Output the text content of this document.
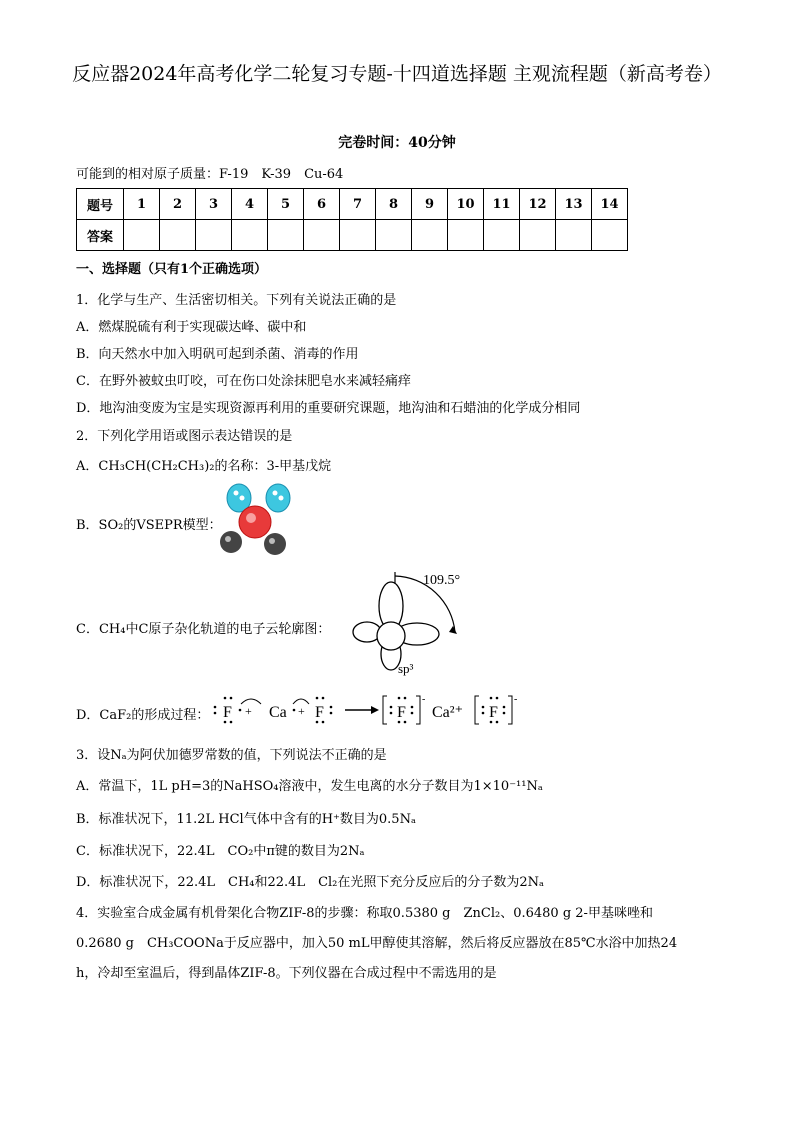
反应器2024年高考化学二轮复习专题-十四道选择题 主观流程题（新高考卷）
完卷时间：40分钟
可能到的相对原子质量：F-19　K-39　Cu-64
题号	1	2	3	4	5	6	7	8	9	10	11	12	13	14
答案														
一、选择题（只有1个正确选项）
1．化学与生产、生活密切相关。下列有关说法正确的是
A．燃煤脱硫有利于实现碳达峰、碳中和
B．向天然水中加入明矾可起到杀菌、消毒的作用
C．在野外被蚊虫叮咬，可在伤口处涂抹肥皂水来减轻痛痒
D．地沟油变废为宝是实现资源再利用的重要研究课题，地沟油和石蜡油的化学成分相同
2．下列化学用语或图示表达错误的是
A．CH₃CH(CH₂CH₃)₂的名称：3-甲基戊烷
B．SO₂的VSEPR模型：
C．CH₄中C原子杂化轨道的电子云轮廓图：
109.5°
sp³
D．CaF₂的形成过程： F + Ca + F	F
-
Ca²⁺ F
-
3．设Nₐ为阿伏加德罗常数的值，下列说法不正确的是
A．常温下，1L pH=3的NaHSO₄溶液中，发生电离的水分子数目为1×10⁻¹¹Nₐ
B．标准状况下，11.2L HCl气体中含有的H⁺数目为0.5Nₐ
C．标准状况下，22.4L　CO₂中π键的数目为2Nₐ
D．标准状况下，22.4L　CH₄和22.4L　Cl₂在光照下充分反应后的分子数为2Nₐ
4．实验室合成金属有机骨架化合物ZIF-8的步骤：称取0.5380 g　ZnCl₂、0.6480 g 2-甲基咪唑和
0.2680 g　CH₃COONa于反应器中，加入50 mL甲醇使其溶解，然后将反应器放在85℃水浴中加热24
h，冷却至室温后，得到晶体ZIF-8。下列仪器在合成过程中不需选用的是
